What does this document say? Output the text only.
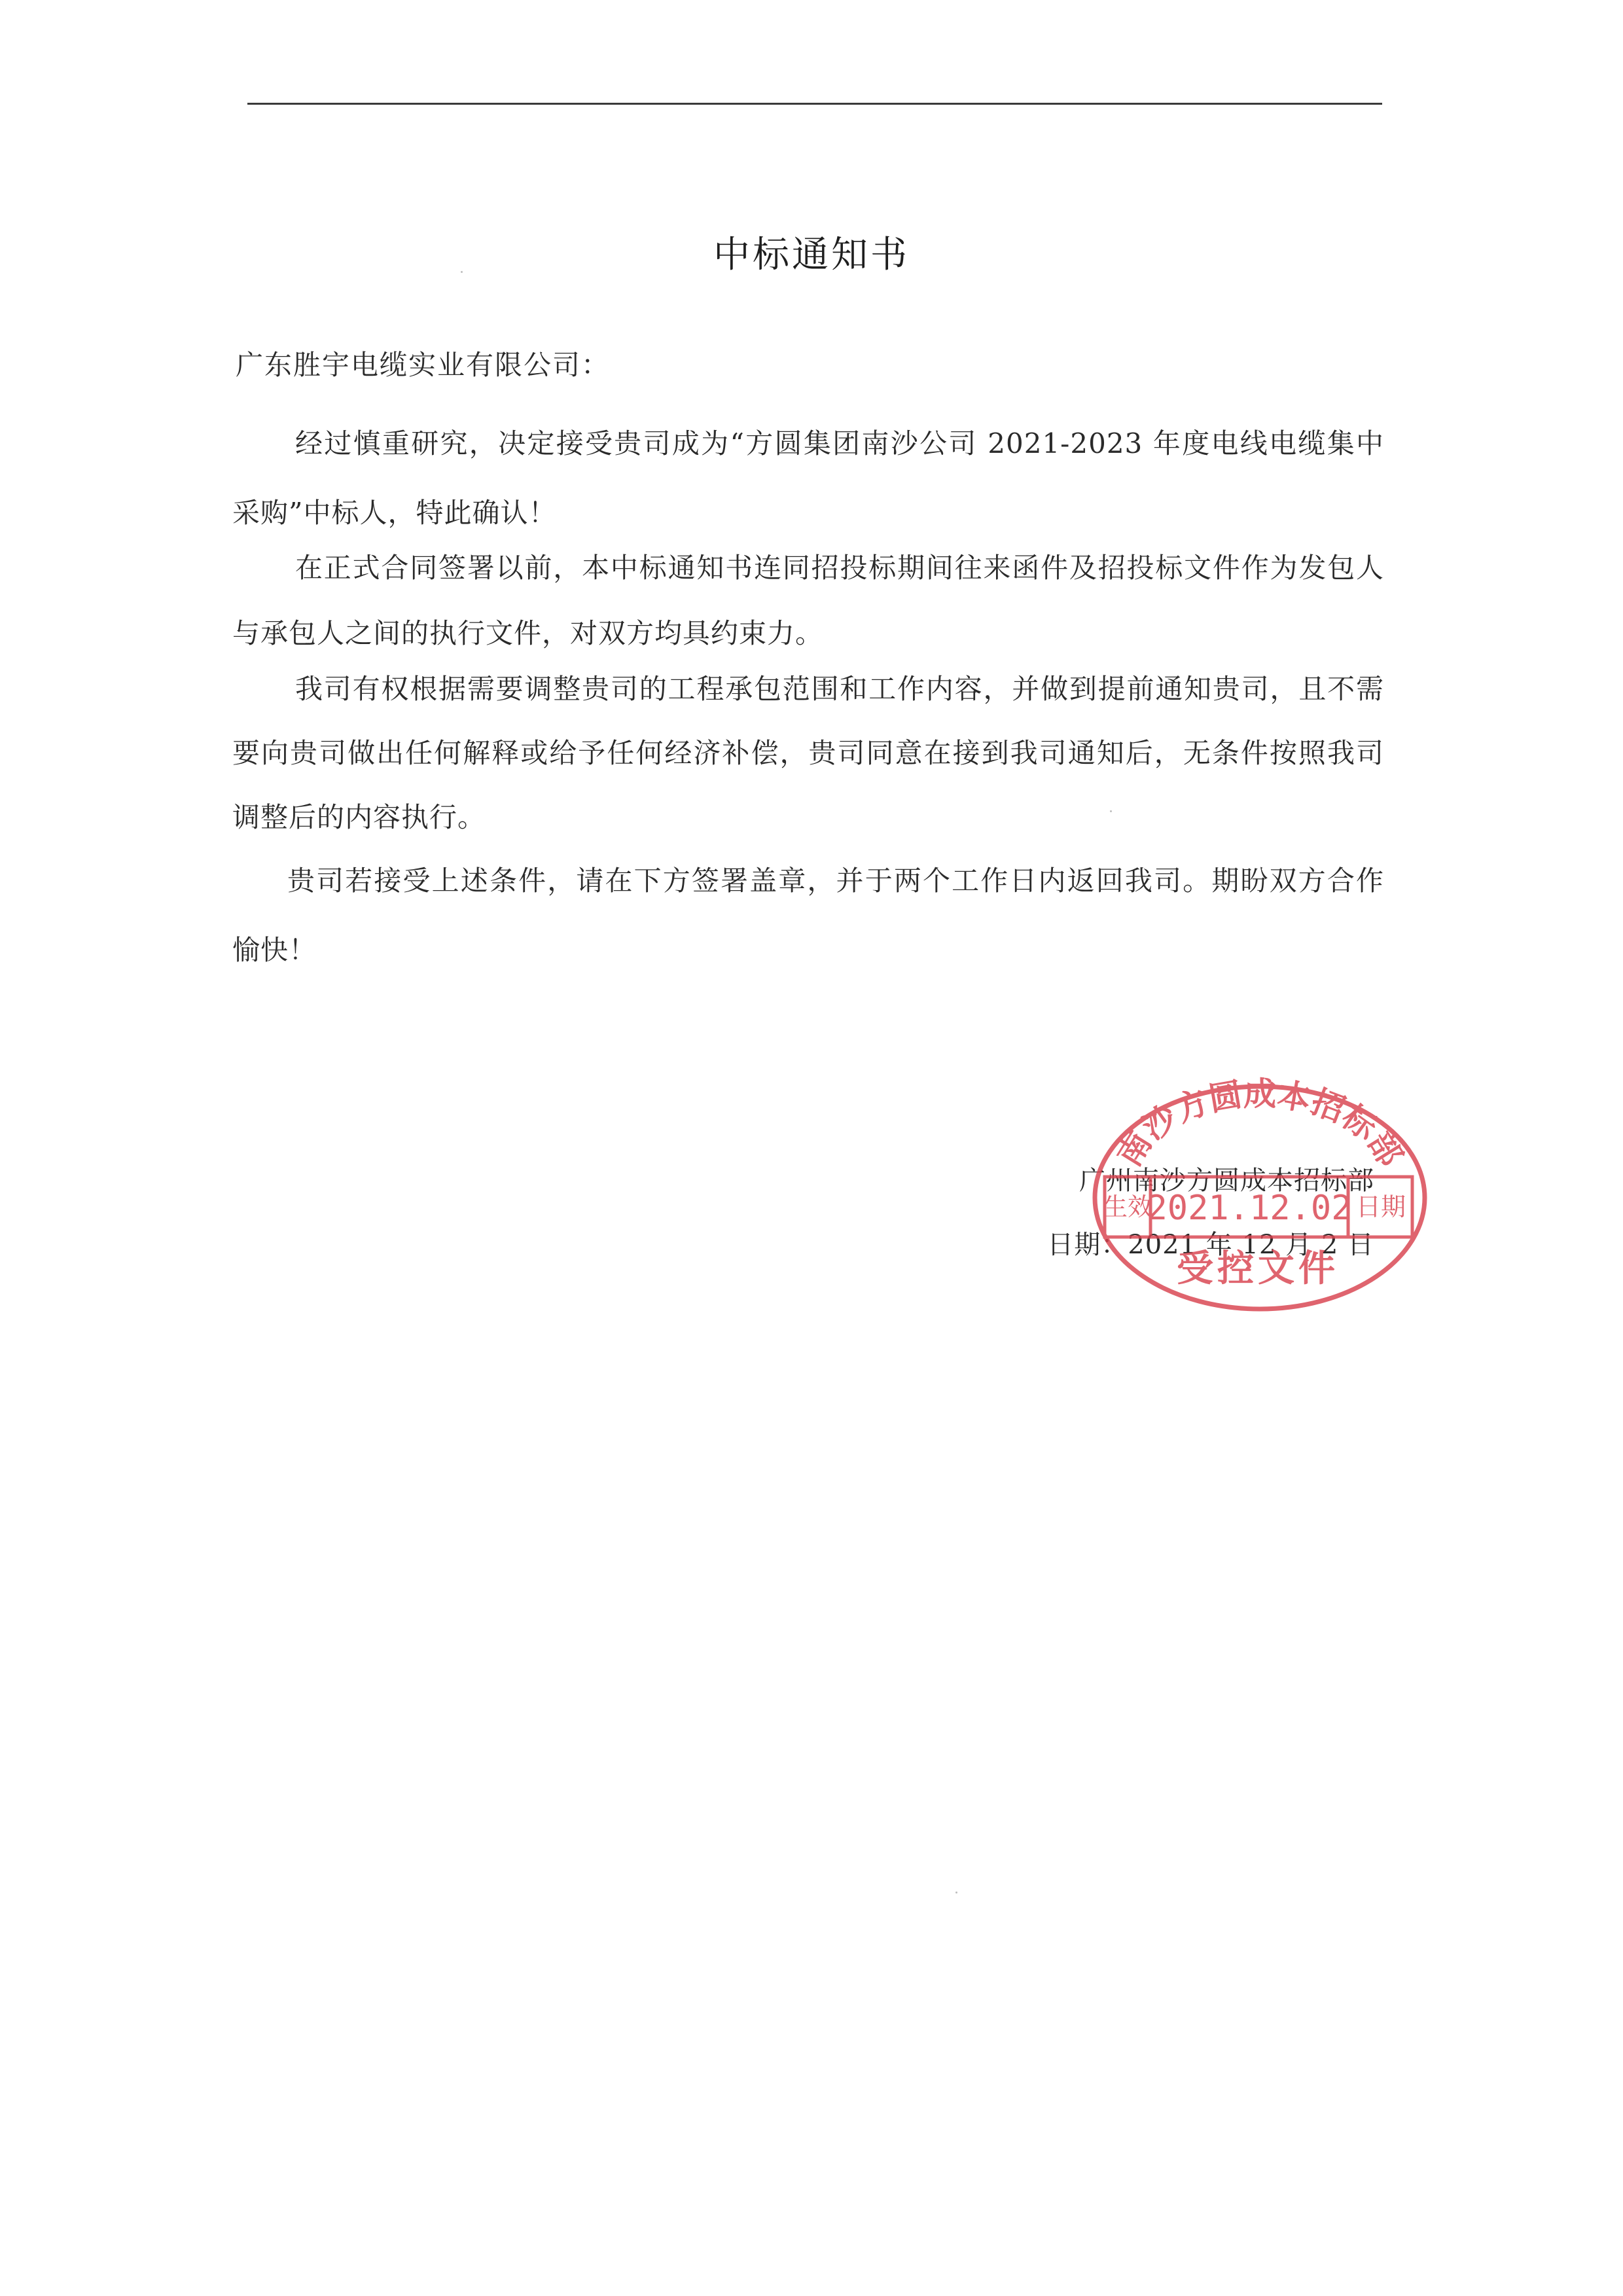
中标通知书
广东胜宇电缆实业有限公司：

经过慎重研究，决定接受贵司成为“方圆集团南沙公司 2021-2023 年度电线电缆集中采购”中标人，特此确认！

在正式合同签署以前，本中标通知书连同招投标期间往来函件及招投标文件作为发包人与承包人之间的执行文件，对双方均具约束力。

我司有权根据需要调整贵司的工程承包范围和工作内容，并做到提前通知贵司，且不需要向贵司做出任何解释或给予任何经济补偿，贵司同意在接到我司通知后，无条件按照我司调整后的内容执行。

贵司若接受上述条件，请在下方签署盖章，并于两个工作日内返回我司。期盼双方合作愉快！

广州南沙方圆成本招标部
日期：2021 年 12 月 2 日
南沙方圆成本招标部
生效
2021.12.02 日期
受控文件
